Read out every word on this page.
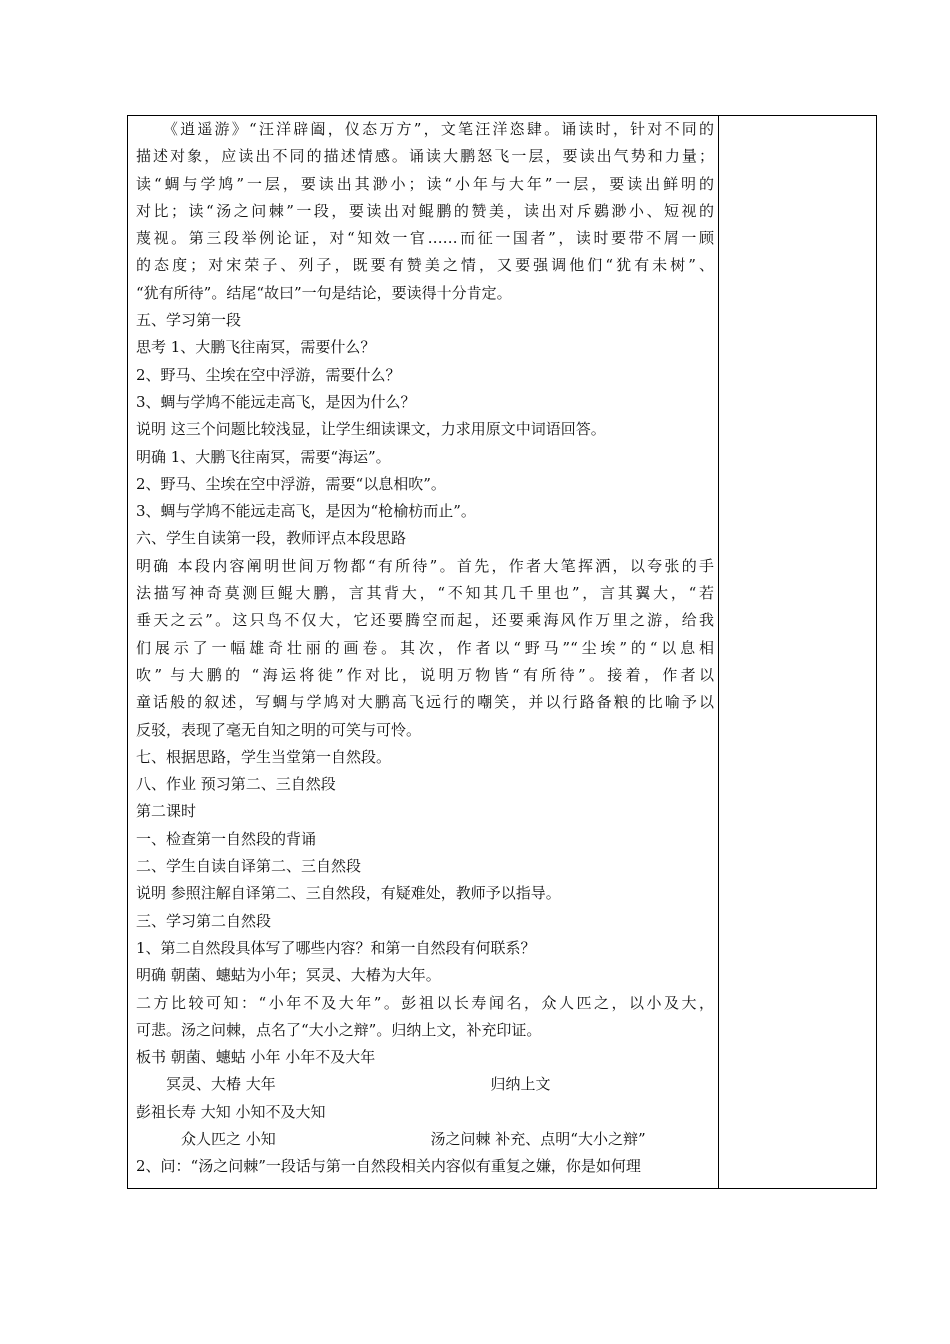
　　《逍遥游》“汪洋辟阖，仪态万方”，文笔汪洋恣肆。诵读时，针对不同的
描述对象，应读出不同的描述情感。诵读大鹏怒飞一层，要读出气势和力量；
读“蜩与学鸠”一层，要读出其渺小；读“小年与大年”一层，要读出鲜明的
对比；读“汤之问棘”一段，要读出对鲲鹏的赞美，读出对斥鷃渺小、短视的
蔑视。第三段举例论证，对“知效一官……而征一国者”，读时要带不屑一顾
的态度；对宋荣子、列子，既要有赞美之情，又要强调他们“犹有未树”、
“犹有所待”。结尾“故曰”一句是结论，要读得十分肯定。
五、学习第一段
思考 1、大鹏飞往南冥，需要什么？
2、野马、尘埃在空中浮游，需要什么？
3、蜩与学鸠不能远走高飞，是因为什么？
说明 这三个问题比较浅显，让学生细读课文，力求用原文中词语回答。
明确 1、大鹏飞往南冥，需要“海运”。
2、野马、尘埃在空中浮游，需要“以息相吹”。
3、蜩与学鸠不能远走高飞，是因为“枪榆枋而止”。
六、学生自读第一段，教师评点本段思路
明确 本段内容阐明世间万物都“有所待”。首先，作者大笔挥洒，以夸张的手
法描写神奇莫测巨鲲大鹏，言其背大，“不知其几千里也”，言其翼大，“若
垂天之云”。这只鸟不仅大，它还要腾空而起，还要乘海风作万里之游，给我
们展示了一幅雄奇壮丽的画卷。其次，作者以“野马”“尘埃”的“以息相
吹” 与大鹏的 “海运将徙”作对比，说明万物皆“有所待”。接着，作者以
童话般的叙述，写蜩与学鸠对大鹏高飞远行的嘲笑，并以行路备粮的比喻予以
反驳，表现了毫无自知之明的可笑与可怜。
七、根据思路，学生当堂第一自然段。
八、作业 预习第二、三自然段
第二课时
一、检查第一自然段的背诵
二、学生自读自译第二、三自然段
说明 参照注解自译第二、三自然段，有疑难处，教师予以指导。
三、学习第二自然段
1、第二自然段具体写了哪些内容？和第一自然段有何联系？
明确 朝菌、蟪蛄为小年；冥灵、大椿为大年。
二方比较可知：“小年不及大年”。彭祖以长寿闻名，众人匹之，以小及大，
可悲。汤之问棘，点名了“大小之辩”。归纳上文，补充印证。
板书 朝菌、蟪蛄 小年 小年不及大年
　　冥灵、大椿 大年　　　　　　　　　　　　　　 归纳上文
彭祖长寿 大知 小知不及大知
　　　众人匹之 小知　　　　　　　　　　 汤之问棘 补充、点明“大小之辩”
2、问：“汤之问棘”一段话与第一自然段相关内容似有重复之嫌，你是如何理
